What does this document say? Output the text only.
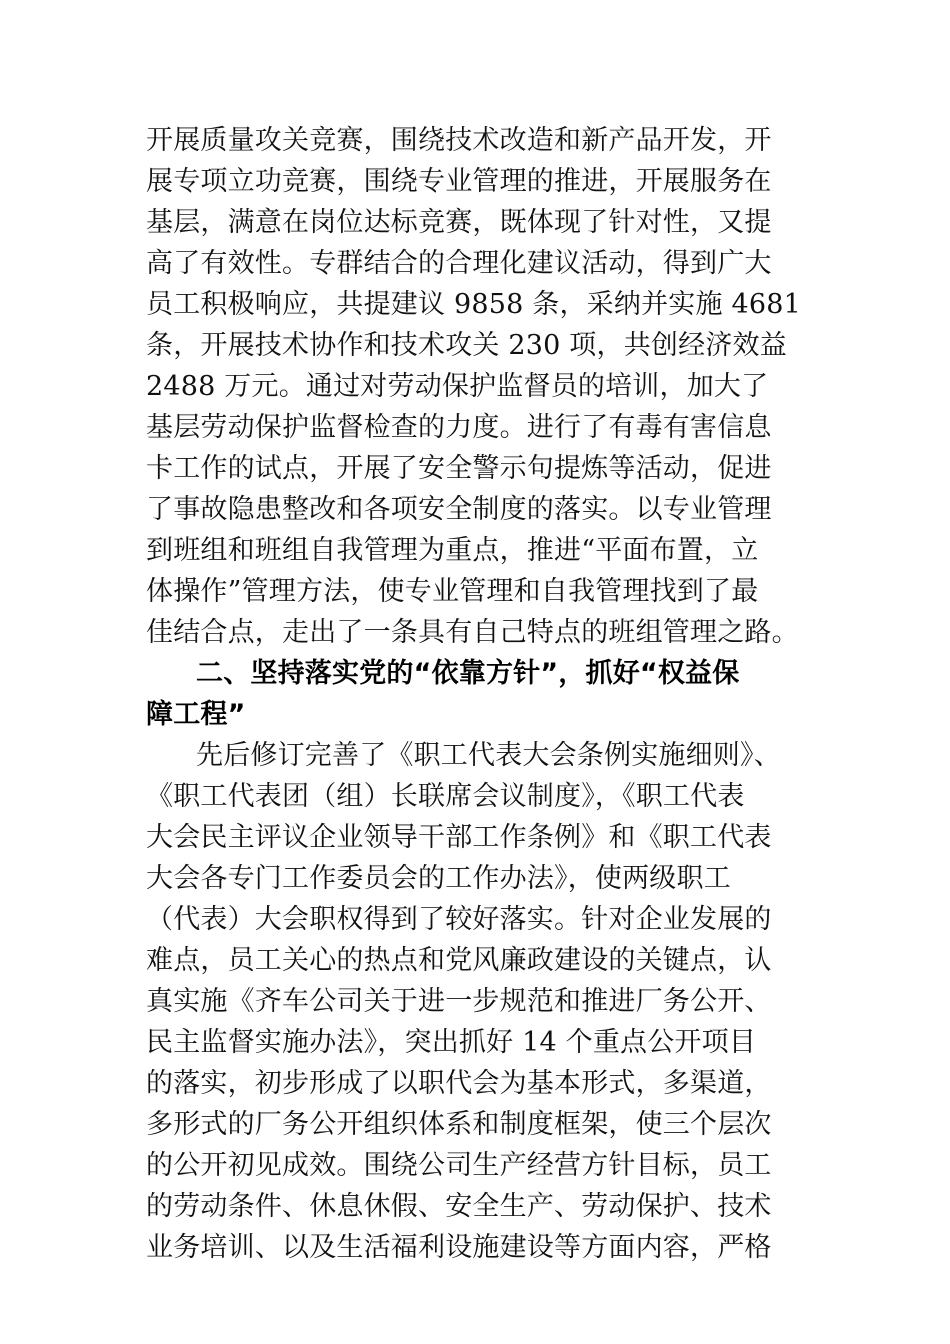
开展质量攻关竞赛，围绕技术改造和新产品开发，开
展专项立功竞赛，围绕专业管理的推进，开展服务在
基层，满意在岗位达标竞赛，既体现了针对性，又提
高了有效性。专群结合的合理化建议活动，得到广大
员工积极响应，共提建议 9858 条，采纳并实施 4681
条，开展技术协作和技术攻关 230 项，共创经济效益
2488 万元。通过对劳动保护监督员的培训，加大了
基层劳动保护监督检查的力度。进行了有毒有害信息
卡工作的试点，开展了安全警示句提炼等活动，促进
了事故隐患整改和各项安全制度的落实。以专业管理
到班组和班组自我管理为重点，推进“平面布置，立
体操作”管理方法，使专业管理和自我管理找到了最
佳结合点，走出了一条具有自己特点的班组管理之路。
二、坚持落实党的“依靠方针”，抓好“权益保
障工程”
先后修订完善了《职工代表大会条例实施细则》、
《职工代表团（组）长联席会议制度》，《职工代表
大会民主评议企业领导干部工作条例》和《职工代表
大会各专门工作委员会的工作办法》，使两级职工
（代表）大会职权得到了较好落实。针对企业发展的
难点，员工关心的热点和党风廉政建设的关键点，认
真实施《齐车公司关于进一步规范和推进厂务公开、
民主监督实施办法》，突出抓好 14 个重点公开项目
的落实，初步形成了以职代会为基本形式，多渠道，
多形式的厂务公开组织体系和制度框架，使三个层次
的公开初见成效。围绕公司生产经营方针目标，员工
的劳动条件、休息休假、安全生产、劳动保护、技术
业务培训、以及生活福利设施建设等方面内容，严格
